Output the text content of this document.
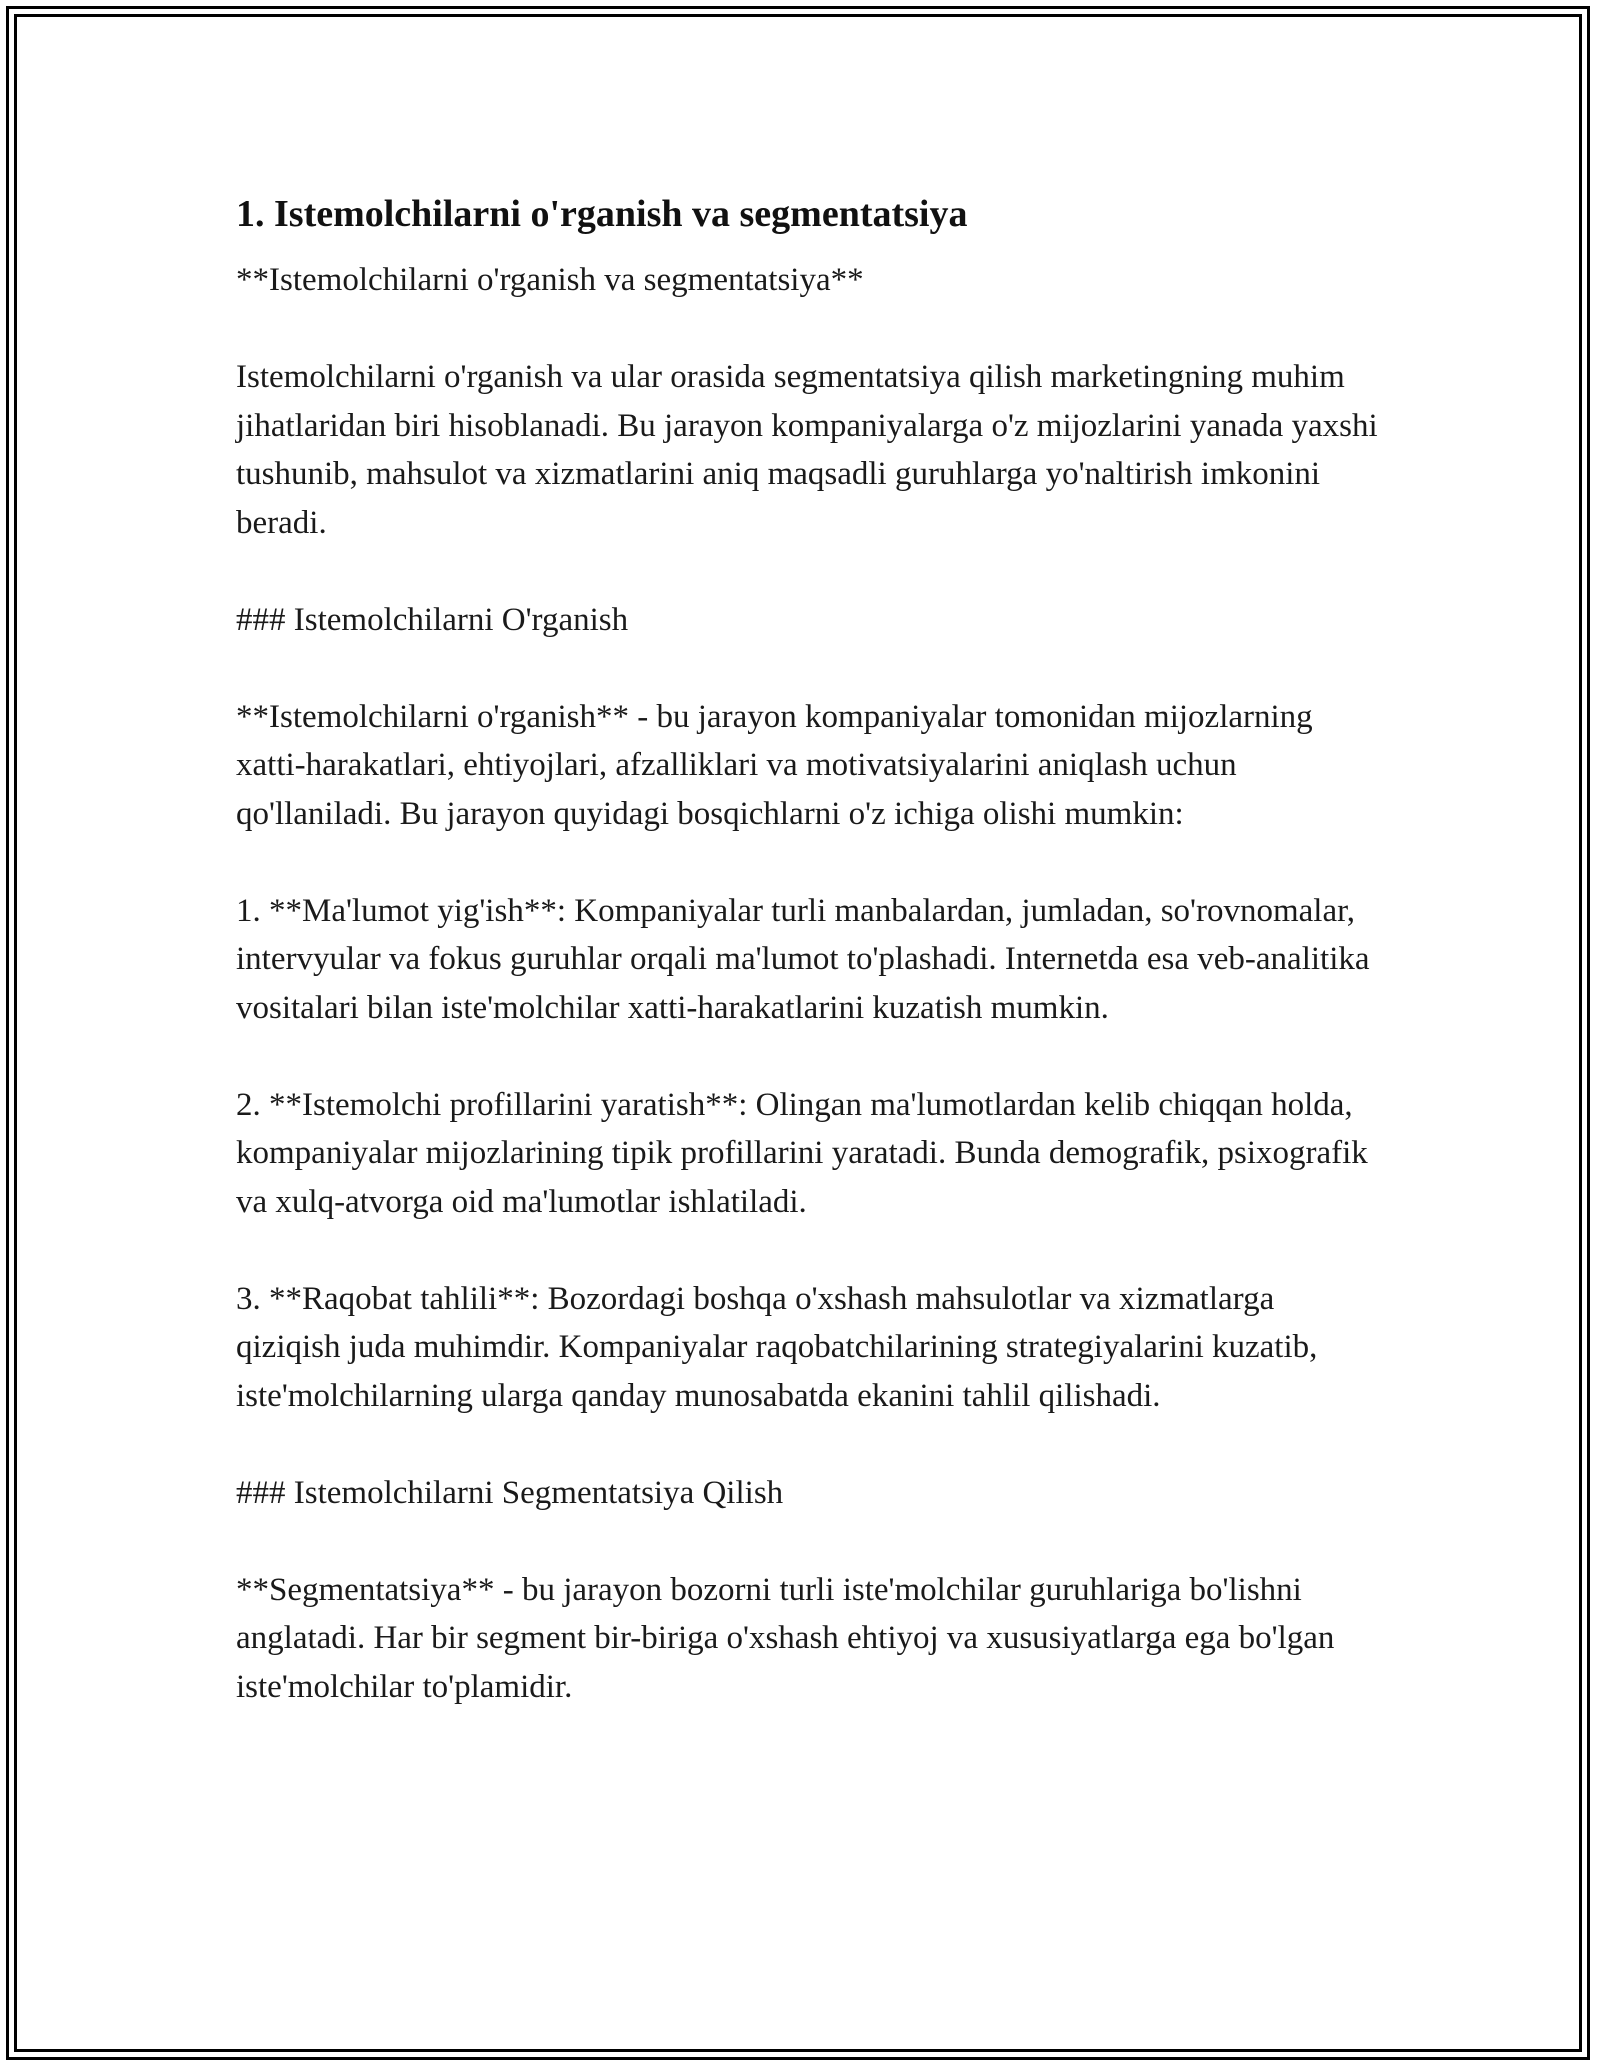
1. Istemolchilarni o'rganish va segmentatsiya

**Istemolchilarni o'rganish va segmentatsiya**

Istemolchilarni o'rganish va ular orasida segmentatsiya qilish marketingning muhim jihatlaridan biri hisoblanadi. Bu jarayon kompaniyalarga o'z mijozlarini yanada yaxshi tushunib, mahsulot va xizmatlarini aniq maqsadli guruhlarga yo'naltirish imkonini beradi.

### Istemolchilarni O'rganish

**Istemolchilarni o'rganish** - bu jarayon kompaniyalar tomonidan mijozlarning xatti-harakatlari, ehtiyojlari, afzalliklari va motivatsiyalarini aniqlash uchun qo'llaniladi. Bu jarayon quyidagi bosqichlarni o'z ichiga olishi mumkin:

1. **Ma'lumot yig'ish**: Kompaniyalar turli manbalardan, jumladan, so'rovnomalar, intervyular va fokus guruhlar orqali ma'lumot to'plashadi. Internetda esa veb-analitika vositalari bilan iste'molchilar xatti-harakatlarini kuzatish mumkin.

2. **Istemolchi profillarini yaratish**: Olingan ma'lumotlardan kelib chiqqan holda, kompaniyalar mijozlarining tipik profillarini yaratadi. Bunda demografik, psixografik va xulq-atvorga oid ma'lumotlar ishlatiladi.

3. **Raqobat tahlili**: Bozordagi boshqa o'xshash mahsulotlar va xizmatlarga qiziqish juda muhimdir. Kompaniyalar raqobatchilarining strategiyalarini kuzatib, iste'molchilarning ularga qanday munosabatda ekanini tahlil qilishadi.

### Istemolchilarni Segmentatsiya Qilish

**Segmentatsiya** - bu jarayon bozorni turli iste'molchilar guruhlariga bo'lishni anglatadi. Har bir segment bir-biriga o'xshash ehtiyoj va xususiyatlarga ega bo'lgan iste'molchilar to'plamidir.
